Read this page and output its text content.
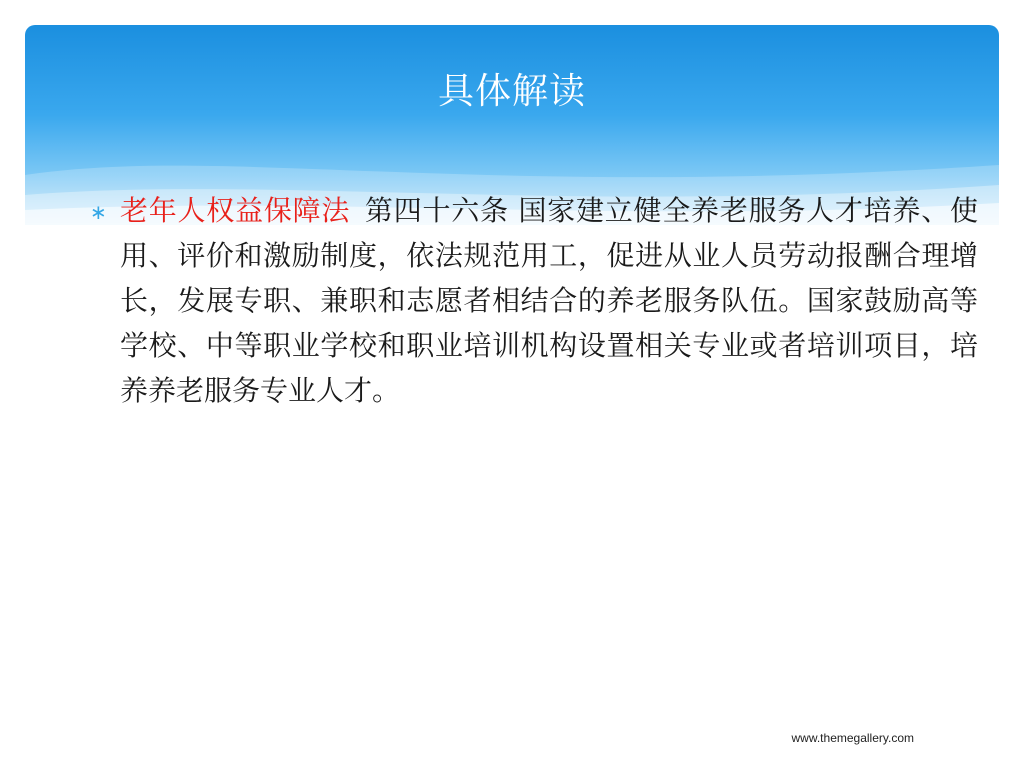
具体解读
∗ 老年人权益保障法 第四十六条 国家建立健全养老服务人才培养、使用、评价和激励制度，依法规范用工，促进从业人员劳动报酬合理增长，发展专职、兼职和志愿者相结合的养老服务队伍。国家鼓励高等学校、中等职业学校和职业培训机构设置相关专业或者培训项目，培养养老服务专业人才。

www.themegallery.com
